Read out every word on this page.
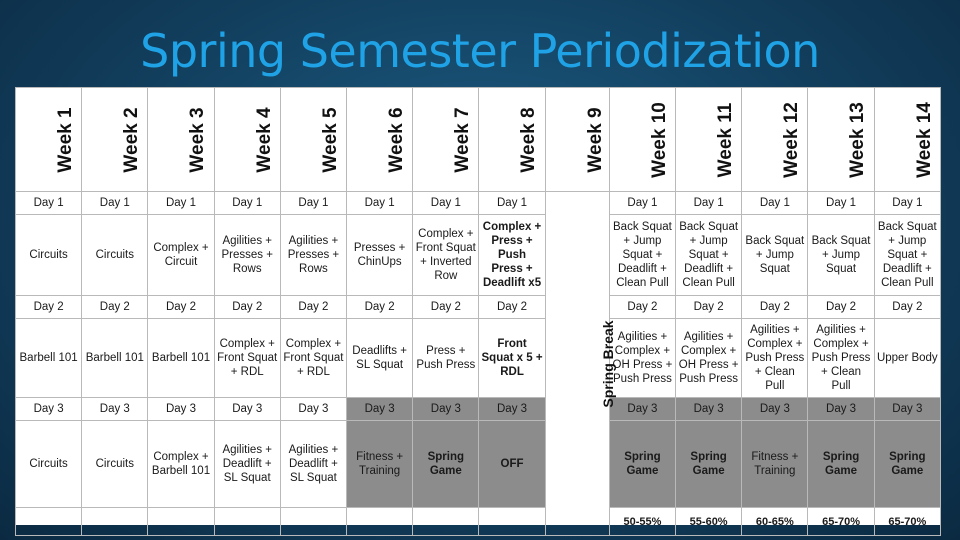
Spring Semester Periodization
Week 1	Week 2	Week 3	Week 4	Week 5	Week 6	Week 7	Week 8	Week 9	Week 10	Week 11	Week 12	Week 13	Week 14

Day 1	Day 1	Day 1	Day 1	Day 1	Day 1	Day 1	Day 1	Spring Break	Day 1	Day 1	Day 1	Day 1	Day 1
Circuits	Circuits	Complex + Circuit	Agilities + Presses + Rows	Agilities + Presses + Rows	Presses + ChinUps	Complex + Front Squat + Inverted Row	Complex + Press + Push Press + Deadlift x5		Back Squat + Jump Squat + Deadlift + Clean Pull	Back Squat + Jump Squat + Deadlift + Clean Pull	Back Squat + Jump Squat	Back Squat + Jump Squat	Back Squat + Jump Squat + Deadlift + Clean Pull
Day 2	Day 2	Day 2	Day 2	Day 2	Day 2	Day 2	Day 2		Day 2	Day 2	Day 2	Day 2	Day 2
Barbell 101	Barbell 101	Barbell 101	Complex + Front Squat + RDL	Complex + Front Squat + RDL	Deadlifts + SL Squat	Press + Push Press	Front Squat x 5 + RDL		Agilities + Complex + OH Press + Push Press	Agilities + Complex + OH Press + Push Press	Agilities + Complex + Push Press + Clean Pull	Agilities + Complex + Push Press + Clean Pull	Upper Body
Day 3	Day 3	Day 3	Day 3	Day 3	Day 3	Day 3	Day 3		Day 3	Day 3	Day 3	Day 3	Day 3
Circuits	Circuits	Complex + Barbell 101	Agilities + Deadlift + SL Squat	Agilities + Deadlift + SL Squat	Fitness + Training	Spring Game	OFF		Spring Game	Spring Game	Fitness + Training	Spring Game	Spring Game
									50-55%	55-60%	60-65%	65-70%	65-70%
